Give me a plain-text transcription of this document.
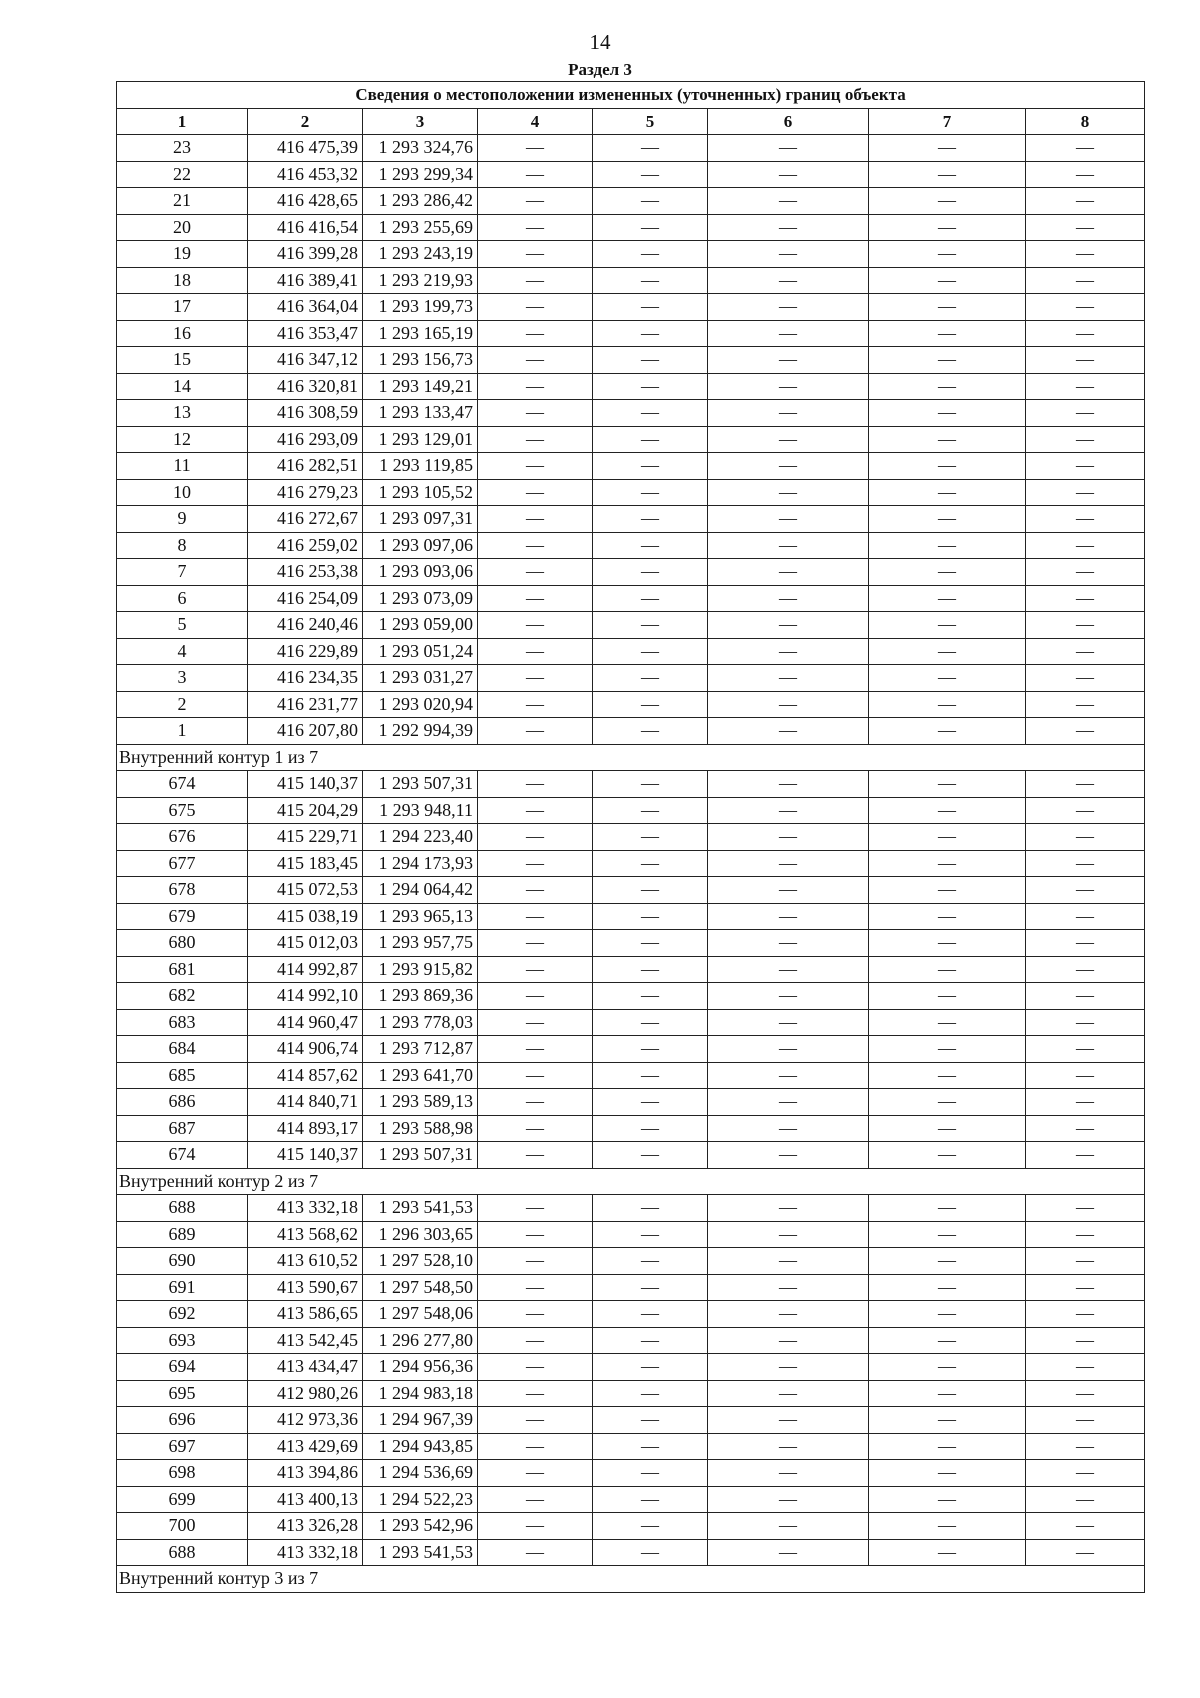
14
Раздел 3
Сведения о местоположении измененных (уточненных) границ объекта							
1	2	3	4	5	6	7	8
23	416 475,39	1 293 324,76	—	—	—	—	—
22	416 453,32	1 293 299,34	—	—	—	—	—
21	416 428,65	1 293 286,42	—	—	—	—	—
20	416 416,54	1 293 255,69	—	—	—	—	—
19	416 399,28	1 293 243,19	—	—	—	—	—
18	416 389,41	1 293 219,93	—	—	—	—	—
17	416 364,04	1 293 199,73	—	—	—	—	—
16	416 353,47	1 293 165,19	—	—	—	—	—
15	416 347,12	1 293 156,73	—	—	—	—	—
14	416 320,81	1 293 149,21	—	—	—	—	—
13	416 308,59	1 293 133,47	—	—	—	—	—
12	416 293,09	1 293 129,01	—	—	—	—	—
11	416 282,51	1 293 119,85	—	—	—	—	—
10	416 279,23	1 293 105,52	—	—	—	—	—
9	416 272,67	1 293 097,31	—	—	—	—	—
8	416 259,02	1 293 097,06	—	—	—	—	—
7	416 253,38	1 293 093,06	—	—	—	—	—
6	416 254,09	1 293 073,09	—	—	—	—	—
5	416 240,46	1 293 059,00	—	—	—	—	—
4	416 229,89	1 293 051,24	—	—	—	—	—
3	416 234,35	1 293 031,27	—	—	—	—	—
2	416 231,77	1 293 020,94	—	—	—	—	—
1	416 207,80	1 292 994,39	—	—	—	—	—
Внутренний контур 1 из 7							
674	415 140,37	1 293 507,31	—	—	—	—	—
675	415 204,29	1 293 948,11	—	—	—	—	—
676	415 229,71	1 294 223,40	—	—	—	—	—
677	415 183,45	1 294 173,93	—	—	—	—	—
678	415 072,53	1 294 064,42	—	—	—	—	—
679	415 038,19	1 293 965,13	—	—	—	—	—
680	415 012,03	1 293 957,75	—	—	—	—	—
681	414 992,87	1 293 915,82	—	—	—	—	—
682	414 992,10	1 293 869,36	—	—	—	—	—
683	414 960,47	1 293 778,03	—	—	—	—	—
684	414 906,74	1 293 712,87	—	—	—	—	—
685	414 857,62	1 293 641,70	—	—	—	—	—
686	414 840,71	1 293 589,13	—	—	—	—	—
687	414 893,17	1 293 588,98	—	—	—	—	—
674	415 140,37	1 293 507,31	—	—	—	—	—
Внутренний контур 2 из 7							
688	413 332,18	1 293 541,53	—	—	—	—	—
689	413 568,62	1 296 303,65	—	—	—	—	—
690	413 610,52	1 297 528,10	—	—	—	—	—
691	413 590,67	1 297 548,50	—	—	—	—	—
692	413 586,65	1 297 548,06	—	—	—	—	—
693	413 542,45	1 296 277,80	—	—	—	—	—
694	413 434,47	1 294 956,36	—	—	—	—	—
695	412 980,26	1 294 983,18	—	—	—	—	—
696	412 973,36	1 294 967,39	—	—	—	—	—
697	413 429,69	1 294 943,85	—	—	—	—	—
698	413 394,86	1 294 536,69	—	—	—	—	—
699	413 400,13	1 294 522,23	—	—	—	—	—
700	413 326,28	1 293 542,96	—	—	—	—	—
688	413 332,18	1 293 541,53	—	—	—	—	—
Внутренний контур 3 из 7							
